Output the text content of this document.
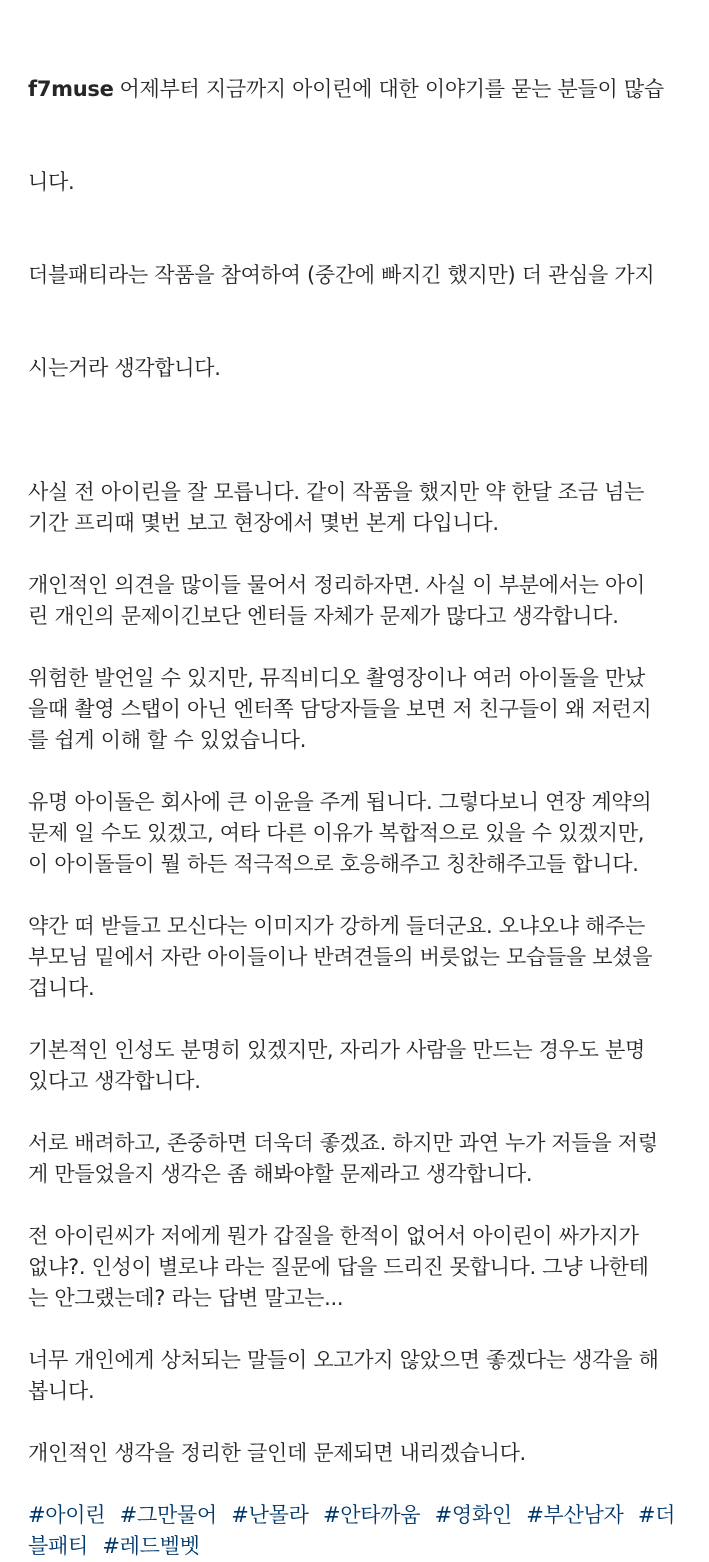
f7muse 어제부터 지금까지 아이린에 대한 이야기를 묻는 분들이 많습

니다.

더블패티라는 작품을 참여하여 (중간에 빠지긴 했지만) 더 관심을 가지

시는거라 생각합니다.

사실 전 아이린을 잘 모릅니다. 같이 작품을 했지만 약 한달 조금 넘는
기간 프리때 몇번 보고 현장에서 몇번 본게 다입니다.
개인적인 의견을 많이들 물어서 정리하자면. 사실 이 부분에서는 아이
린 개인의 문제이긴보단 엔터들 자체가 문제가 많다고 생각합니다.
위험한 발언일 수 있지만, 뮤직비디오 촬영장이나 여러 아이돌을 만났
을때 촬영 스탭이 아닌 엔터쪽 담당자들을 보면 저 친구들이 왜 저런지
를 쉽게 이해 할 수 있었습니다.
유명 아이돌은 회사에 큰 이윤을 주게 됩니다. 그렇다보니 연장 계약의
문제 일 수도 있겠고, 여타 다른 이유가 복합적으로 있을 수 있겠지만,
이 아이돌들이 뭘 하든 적극적으로 호응해주고 칭찬해주고들 합니다.
약간 떠 받들고 모신다는 이미지가 강하게 들더군요. 오냐오냐 해주는
부모님 밑에서 자란 아이들이나 반려견들의 버릇없는 모습들을 보셨을
겁니다.
기본적인 인성도 분명히 있겠지만, 자리가 사람을 만드는 경우도 분명
있다고 생각합니다.
서로 배려하고, 존중하면 더욱더 좋겠죠. 하지만 과연 누가 저들을 저렇
게 만들었을지 생각은 좀 해봐야할 문제라고 생각합니다.
전 아이린씨가 저에게 뭔가 갑질을 한적이 없어서 아이린이 싸가지가
없냐?. 인성이 별로냐 라는 질문에 답을 드리진 못합니다. 그냥 나한테
는 안그랬는데? 라는 답변 말고는...
너무 개인에게 상처되는 말들이 오고가지 않았으면 좋겠다는 생각을 해
봅니다.
개인적인 생각을 정리한 글인데 문제되면 내리겠습니다.
#아이린 #그만물어 #난몰라 #안타까움 #영화인 #부산남자 #더블패티 #레드벨벳
